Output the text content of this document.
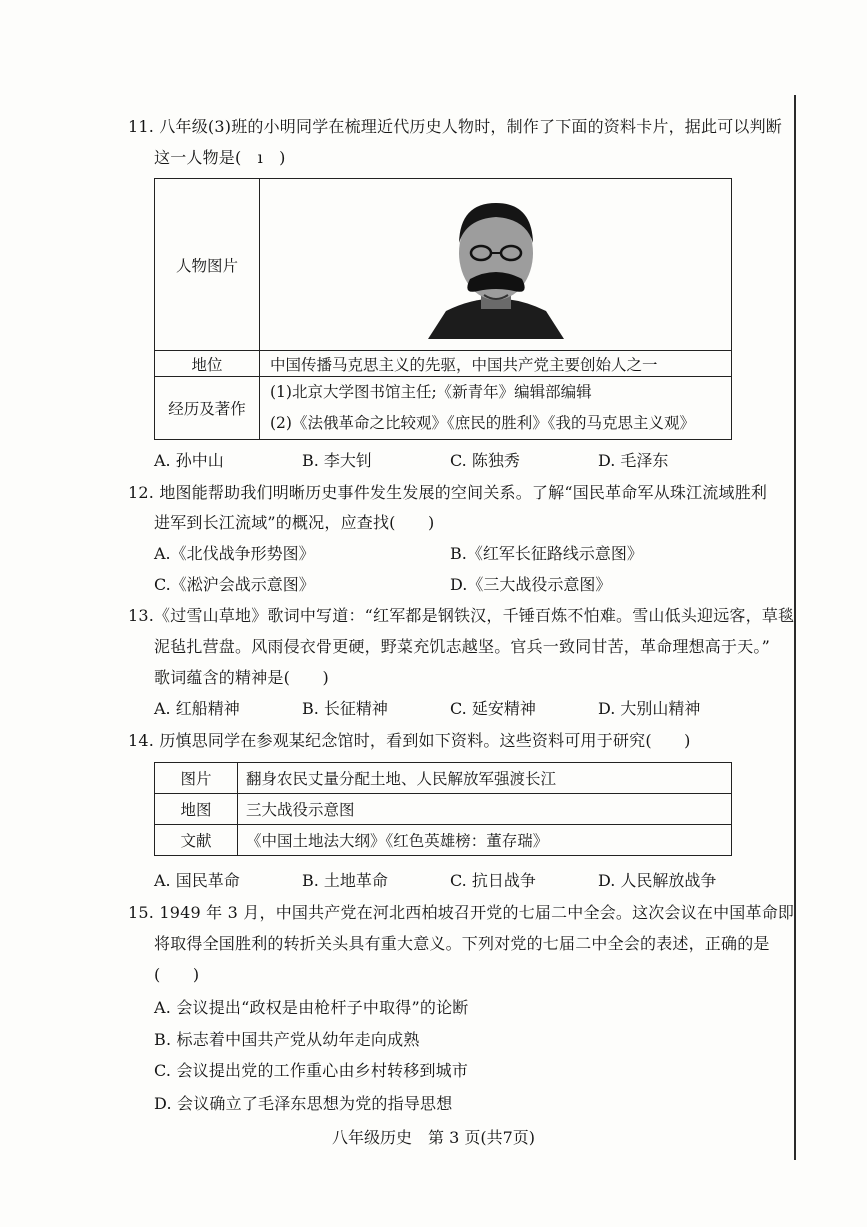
11. 八年级(3)班的小明同学在梳理近代历史人物时，制作了下面的资料卡片，据此可以判断
这一人物是(　ı　)
人物图片	

地位	中国传播马克思主义的先驱，中国共产党主要创始人之一
经历及著作	(1)北京大学图书馆主任;《新青年》编辑部编辑
(2)《法俄革命之比较观》《庶民的胜利》《我的马克思主义观》
A. 孙中山	B. 李大钊	C. 陈独秀	D. 毛泽东
12. 地图能帮助我们明晰历史事件发生发展的空间关系。了解“国民革命军从珠江流域胜利
进军到长江流域”的概况，应查找(　　)
A.《北伐战争形势图》	B.《红军长征路线示意图》
C.《淞沪会战示意图》	D.《三大战役示意图》
13.《过雪山草地》歌词中写道：“红军都是钢铁汉，千锤百炼不怕难。雪山低头迎远客，草毯
泥毡扎营盘。风雨侵衣骨更硬，野菜充饥志越坚。官兵一致同甘苦，革命理想高于天。”
歌词蕴含的精神是(　　)
A. 红船精神	B. 长征精神	C. 延安精神	D. 大别山精神
14. 历慎思同学在参观某纪念馆时，看到如下资料。这些资料可用于研究(　　)
图片	翻身农民丈量分配土地、人民解放军强渡长江
地图	三大战役示意图
文献	《中国土地法大纲》《红色英雄榜：董存瑞》
A. 国民革命	B. 土地革命	C. 抗日战争	D. 人民解放战争
15. 1949 年 3 月，中国共产党在河北西柏坡召开党的七届二中全会。这次会议在中国革命即
将取得全国胜利的转折关头具有重大意义。下列对党的七届二中全会的表述，正确的是
(　　)
A. 会议提出“政权是由枪杆子中取得”的论断
B. 标志着中国共产党从幼年走向成熟
C. 会议提出党的工作重心由乡村转移到城市
D. 会议确立了毛泽东思想为党的指导思想
八年级历史　第 3 页(共7页)
